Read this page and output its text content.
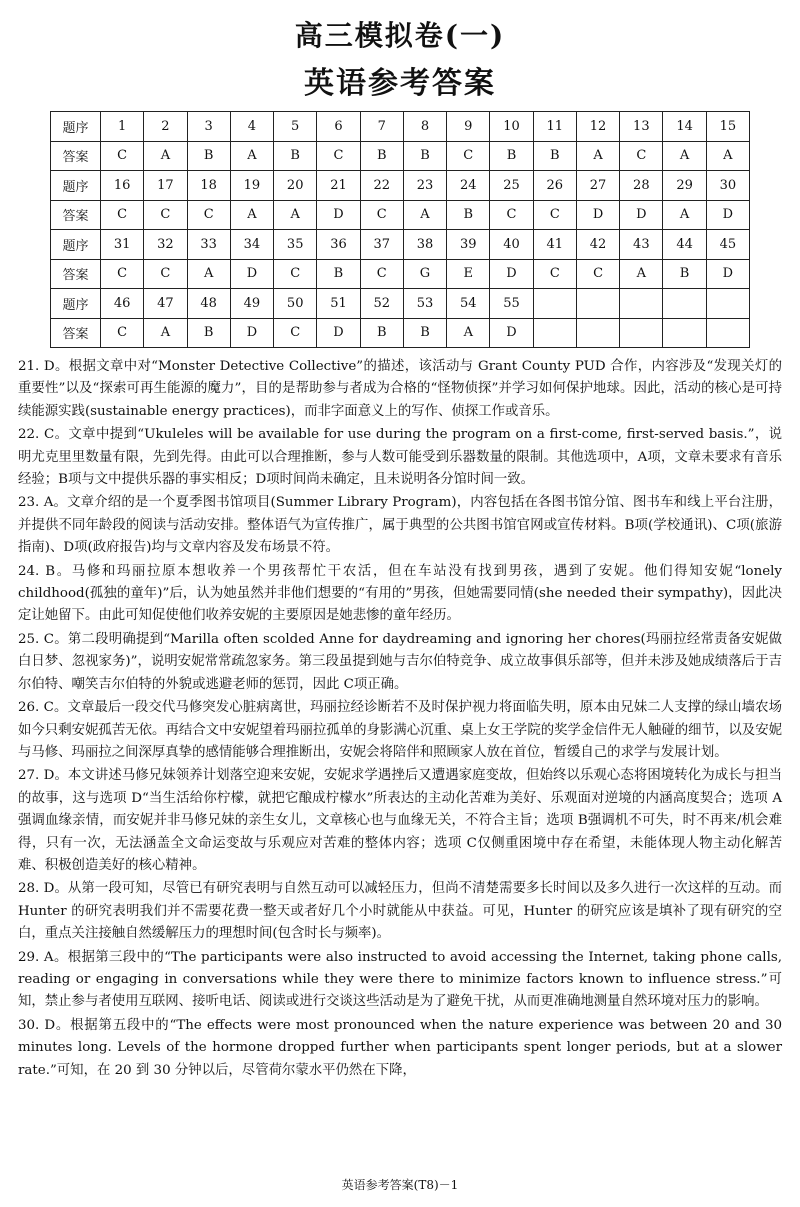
高三模拟卷(一)
英语参考答案
题序	1	2	3	4	5	6	7	8	9	10	11	12	13	14	15
答案	C	A	B	A	B	C	B	B	C	B	B	A	C	A	A
题序	16	17	18	19	20	21	22	23	24	25	26	27	28	29	30
答案	C	C	C	A	A	D	C	A	B	C	C	D	D	A	D
题序	31	32	33	34	35	36	37	38	39	40	41	42	43	44	45
答案	C	C	A	D	C	B	C	G	E	D	C	C	A	B	D
题序	46	47	48	49	50	51	52	53	54	55					
答案	C	A	B	D	C	D	B	B	A	D					

21. D。根据文章中对“Monster Detective Collective”的描述，该活动与 Grant County PUD 合作，内容涉及“发现关灯的重要性”以及“探索可再生能源的魔力”，目的是帮助参与者成为合格的“怪物侦探”并学习如何保护地球。因此，活动的核心是可持续能源实践(sustainable energy practices)，而非字面意义上的写作、侦探工作或音乐。

22. C。文章中提到“Ukuleles will be available for use during the program on a first-come, first-served basis.”，说明尤克里里数量有限，先到先得。由此可以合理推断，参与人数可能受到乐器数量的限制。其他选项中，A项，文章未要求有音乐经验；B项与文中提供乐器的事实相反；D项时间尚未确定，且未说明各分馆时间一致。

23. A。文章介绍的是一个夏季图书馆项目(Summer Library Program)，内容包括在各图书馆分馆、图书车和线上平台注册，并提供不同年龄段的阅读与活动安排。整体语气为宣传推广，属于典型的公共图书馆官网或宣传材料。B项(学校通讯)、C项(旅游指南)、D项(政府报告)均与文章内容及发布场景不符。

24. B。马修和玛丽拉原本想收养一个男孩帮忙干农活，但在车站没有找到男孩，遇到了安妮。他们得知安妮“lonely childhood(孤独的童年)”后，认为她虽然并非他们想要的“有用的”男孩，但她需要同情(she needed their sympathy)，因此决定让她留下。由此可知促使他们收养安妮的主要原因是她悲惨的童年经历。

25. C。第二段明确提到“Marilla often scolded Anne for daydreaming and ignoring her chores(玛丽拉经常责备安妮做白日梦、忽视家务)”，说明安妮常常疏忽家务。第三段虽提到她与吉尔伯特竞争、成立故事俱乐部等，但并未涉及她成绩落后于吉尔伯特、嘲笑吉尔伯特的外貌或逃避老师的惩罚，因此 C项正确。

26. C。文章最后一段交代马修突发心脏病离世，玛丽拉经诊断若不及时保护视力将面临失明，原本由兄妹二人支撑的绿山墙农场如今只剩安妮孤苦无依。再结合文中安妮望着玛丽拉孤单的身影满心沉重、桌上女王学院的奖学金信件无人触碰的细节，以及安妮与马修、玛丽拉之间深厚真挚的感情能够合理推断出，安妮会将陪伴和照顾家人放在首位，暂缓自己的求学与发展计划。

27. D。本文讲述马修兄妹领养计划落空迎来安妮，安妮求学遇挫后又遭遇家庭变故，但始终以乐观心态将困境转化为成长与担当的故事，这与选项 D“当生活给你柠檬，就把它酿成柠檬水”所表达的主动化苦难为美好、乐观面对逆境的内涵高度契合；选项 A强调血缘亲情，而安妮并非马修兄妹的亲生女儿，文章核心也与血缘无关，不符合主旨；选项 B强调机不可失，时不再来/机会难得，只有一次，无法涵盖全文命运变故与乐观应对苦难的整体内容；选项 C仅侧重困境中存在希望，未能体现人物主动化解苦难、积极创造美好的核心精神。

28. D。从第一段可知，尽管已有研究表明与自然互动可以减轻压力，但尚不清楚需要多长时间以及多久进行一次这样的互动。而 Hunter 的研究表明我们并不需要花费一整天或者好几个小时就能从中获益。可见，Hunter 的研究应该是填补了现有研究的空白，重点关注接触自然缓解压力的理想时间(包含时长与频率)。

29. A。根据第三段中的“The participants were also instructed to avoid accessing the Internet, taking phone calls, reading or engaging in conversations while they were there to minimize factors known to influence stress.”可知，禁止参与者使用互联网、接听电话、阅读或进行交谈这些活动是为了避免干扰，从而更准确地测量自然环境对压力的影响。

30. D。根据第五段中的“The effects were most pronounced when the nature experience was between 20 and 30 minutes long. Levels of the hormone dropped further when participants spent longer periods, but at a slower rate.”可知，在 20 到 30 分钟以后，尽管荷尔蒙水平仍然在下降，

英语参考答案(T8)－1
